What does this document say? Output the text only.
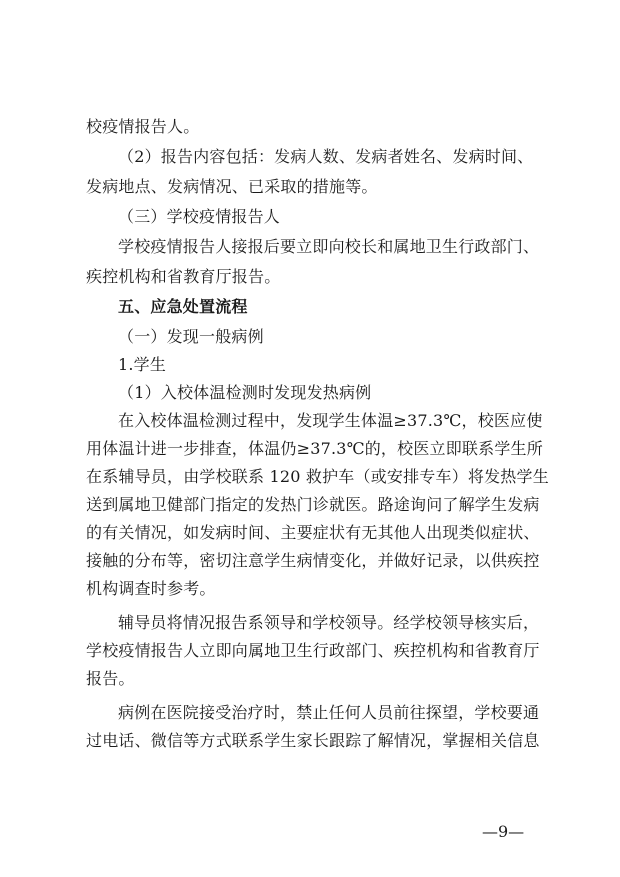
校疫情报告人。
（2）报告内容包括：发病人数、发病者姓名、发病时间、
发病地点、发病情况、已采取的措施等。
（三）学校疫情报告人
学校疫情报告人接报后要立即向校长和属地卫生行政部门、
疾控机构和省教育厅报告。
五、应急处置流程
（一）发现一般病例
1.学生
（1）入校体温检测时发现发热病例
在入校体温检测过程中，发现学生体温≥37.3℃，校医应使
用体温计进一步排查，体温仍≥37.3℃的，校医立即联系学生所
在系辅导员，由学校联系 120 救护车（或安排专车）将发热学生
送到属地卫健部门指定的发热门诊就医。路途询问了解学生发病
的有关情况，如发病时间、主要症状有无其他人出现类似症状、
接触的分布等，密切注意学生病情变化，并做好记录，以供疾控
机构调查时参考。
辅导员将情况报告系领导和学校领导。经学校领导核实后，
学校疫情报告人立即向属地卫生行政部门、疾控机构和省教育厅
报告。
病例在医院接受治疗时，禁止任何人员前往探望，学校要通
过电话、微信等方式联系学生家长跟踪了解情况，掌握相关信息
—9—
